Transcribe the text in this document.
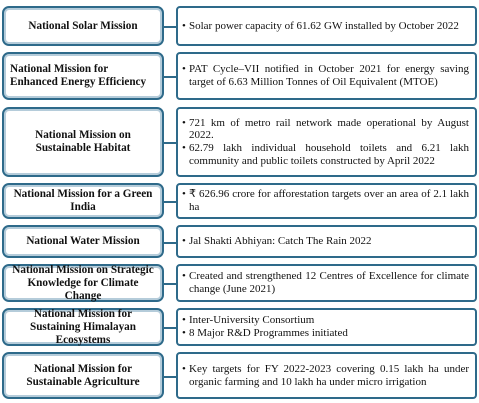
National Solar Mission	• Solar power capacity of 61.62 GW installed by October 2022
National Mission for Enhanced Energy Efficiency
• PAT Cycle–VII notified in October 2021 for energy saving target of 6.63 Million Tonnes of Oil Equivalent (MTOE)
National Mission on Sustainable Habitat
• 721 km of metro rail network made operational by August 2022.
• 62.79 lakh individual household toilets and 6.21 lakh community and public toilets constructed by April 2022
National Mission for a Green India
• ₹ 626.96 crore for afforestation targets over an area of 2.1 lakh ha
National Water Mission	• Jal Shakti Abhiyan: Catch The Rain 2022
National Mission on Strategic Knowledge for Climate Change
• Created and strengthened 12 Centres of Excellence for climate change (June 2021)
National Mission for Sustaining Himalayan Ecosystems
• Inter-University Consortium
• 8 Major R&D Programmes initiated
National Mission for Sustainable Agriculture
• Key targets for FY 2022-2023 covering 0.15 lakh ha under organic farming and 10 lakh ha under micro irrigation
